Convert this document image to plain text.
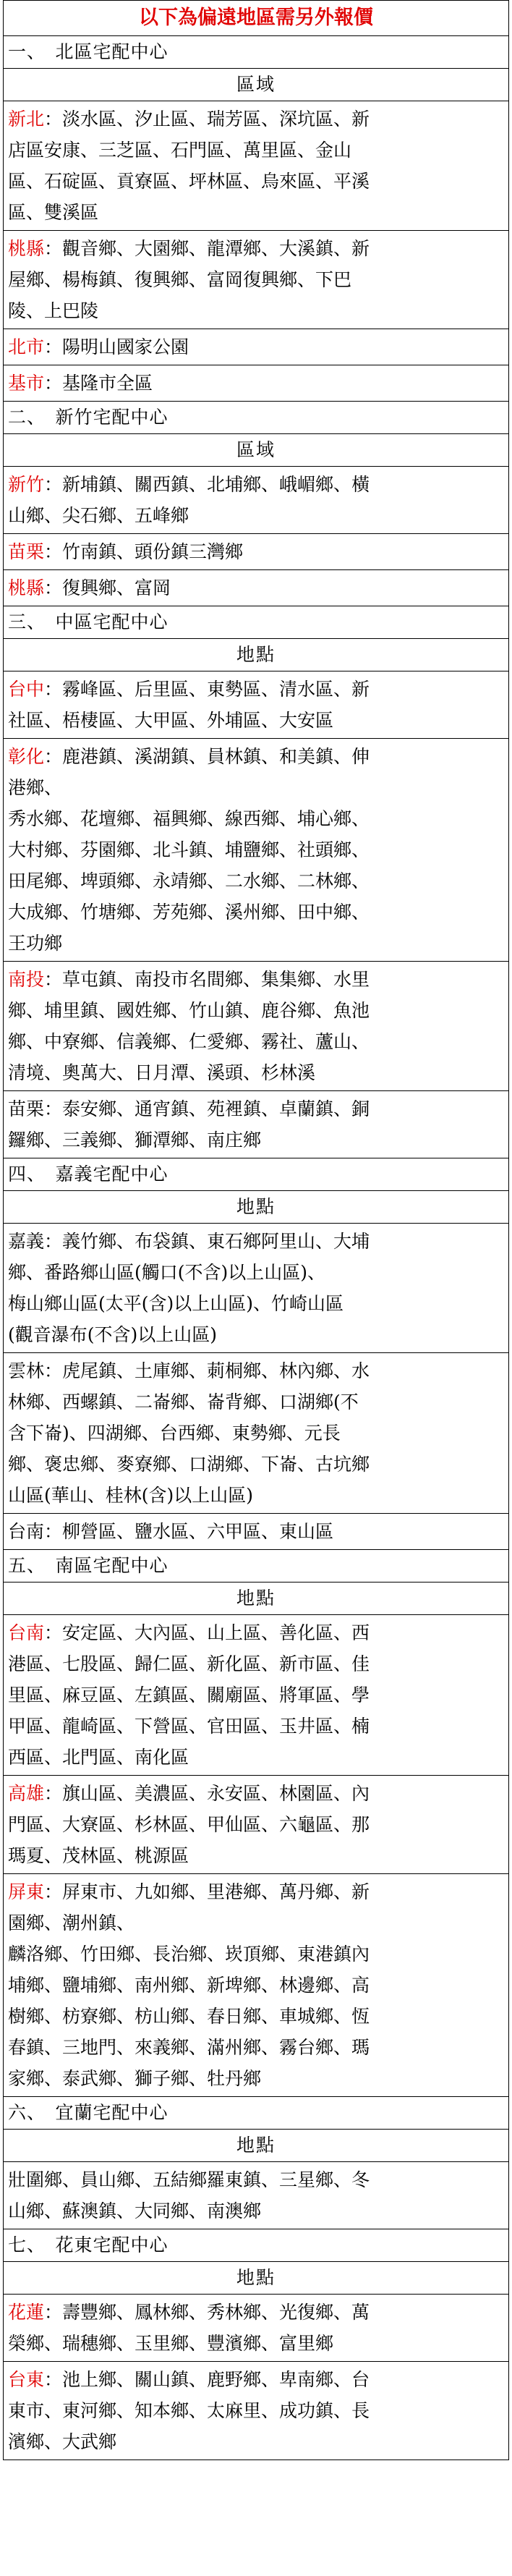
以下為偏遠地區需另外報價
一、　北區宅配中心
區域
新北：淡水區、汐止區、瑞芳區、深坑區、新
店區安康、三芝區、石門區、萬里區、金山
區、石碇區、貢寮區、坪林區、烏來區、平溪
區、雙溪區
桃縣：觀音鄉、大園鄉、龍潭鄉、大溪鎮、新
屋鄉、楊梅鎮、復興鄉、富岡復興鄉、下巴
陵、上巴陵
北市：陽明山國家公園
基市：基隆市全區
二、　新竹宅配中心
區域
新竹：新埔鎮、關西鎮、北埔鄉、峨嵋鄉、橫
山鄉、尖石鄉、五峰鄉
苗栗：竹南鎮、頭份鎮三灣鄉
桃縣：復興鄉、富岡
三、　中區宅配中心
地點
台中：霧峰區、后里區、東勢區、清水區、新
社區、梧棲區、大甲區、外埔區、大安區
彰化：鹿港鎮、溪湖鎮、員林鎮、和美鎮、伸
港鄉、
秀水鄉、花壇鄉、福興鄉、線西鄉、埔心鄉、
大村鄉、芬園鄉、北斗鎮、埔鹽鄉、社頭鄉、
田尾鄉、埤頭鄉、永靖鄉、二水鄉、二林鄉、
大成鄉、竹塘鄉、芳苑鄉、溪州鄉、田中鄉、
王功鄉
南投：草屯鎮、南投市名間鄉、集集鄉、水里
鄉、埔里鎮、國姓鄉、竹山鎮、鹿谷鄉、魚池
鄉、中寮鄉、信義鄉、仁愛鄉、霧社、蘆山、
清境、奧萬大、日月潭、溪頭、杉林溪
苗栗：泰安鄉、通宵鎮、苑裡鎮、卓蘭鎮、銅
鑼鄉、三義鄉、獅潭鄉、南庄鄉
四、　嘉義宅配中心
地點
嘉義：義竹鄉、布袋鎮、東石鄉阿里山、大埔
鄉、番路鄉山區(觸口(不含)以上山區)、
梅山鄉山區(太平(含)以上山區)、竹崎山區
(觀音瀑布(不含)以上山區)
雲林：虎尾鎮、土庫鄉、莿桐鄉、林內鄉、水
林鄉、西螺鎮、二崙鄉、崙背鄉、口湖鄉(不
含下崙)、四湖鄉、台西鄉、東勢鄉、元長
鄉、褒忠鄉、麥寮鄉、口湖鄉、下崙、古坑鄉
山區(華山、桂林(含)以上山區)
台南：柳營區、鹽水區、六甲區、東山區
五、　南區宅配中心
地點
台南：安定區、大內區、山上區、善化區、西
港區、七股區、歸仁區、新化區、新市區、佳
里區、麻豆區、左鎮區、關廟區、將軍區、學
甲區、龍崎區、下營區、官田區、玉井區、楠
西區、北門區、南化區
高雄：旗山區、美濃區、永安區、林園區、內
門區、大寮區、杉林區、甲仙區、六龜區、那
瑪夏、茂林區、桃源區
屏東：屏東市、九如鄉、里港鄉、萬丹鄉、新
園鄉、潮州鎮、
麟洛鄉、竹田鄉、長治鄉、崁頂鄉、東港鎮內
埔鄉、鹽埔鄉、南州鄉、新埤鄉、林邊鄉、高
樹鄉、枋寮鄉、枋山鄉、春日鄉、車城鄉、恆
春鎮、三地門、來義鄉、滿州鄉、霧台鄉、瑪
家鄉、泰武鄉、獅子鄉、牡丹鄉
六、　宜蘭宅配中心
地點
壯圍鄉、員山鄉、五結鄉羅東鎮、三星鄉、冬
山鄉、蘇澳鎮、大同鄉、南澳鄉
七、　花東宅配中心
地點
花蓮：壽豐鄉、鳳林鄉、秀林鄉、光復鄉、萬
榮鄉、瑞穗鄉、玉里鄉、豐濱鄉、富里鄉
台東：池上鄉、關山鎮、鹿野鄉、卑南鄉、台
東市、東河鄉、知本鄉、太麻里、成功鎮、長
濱鄉、大武鄉
